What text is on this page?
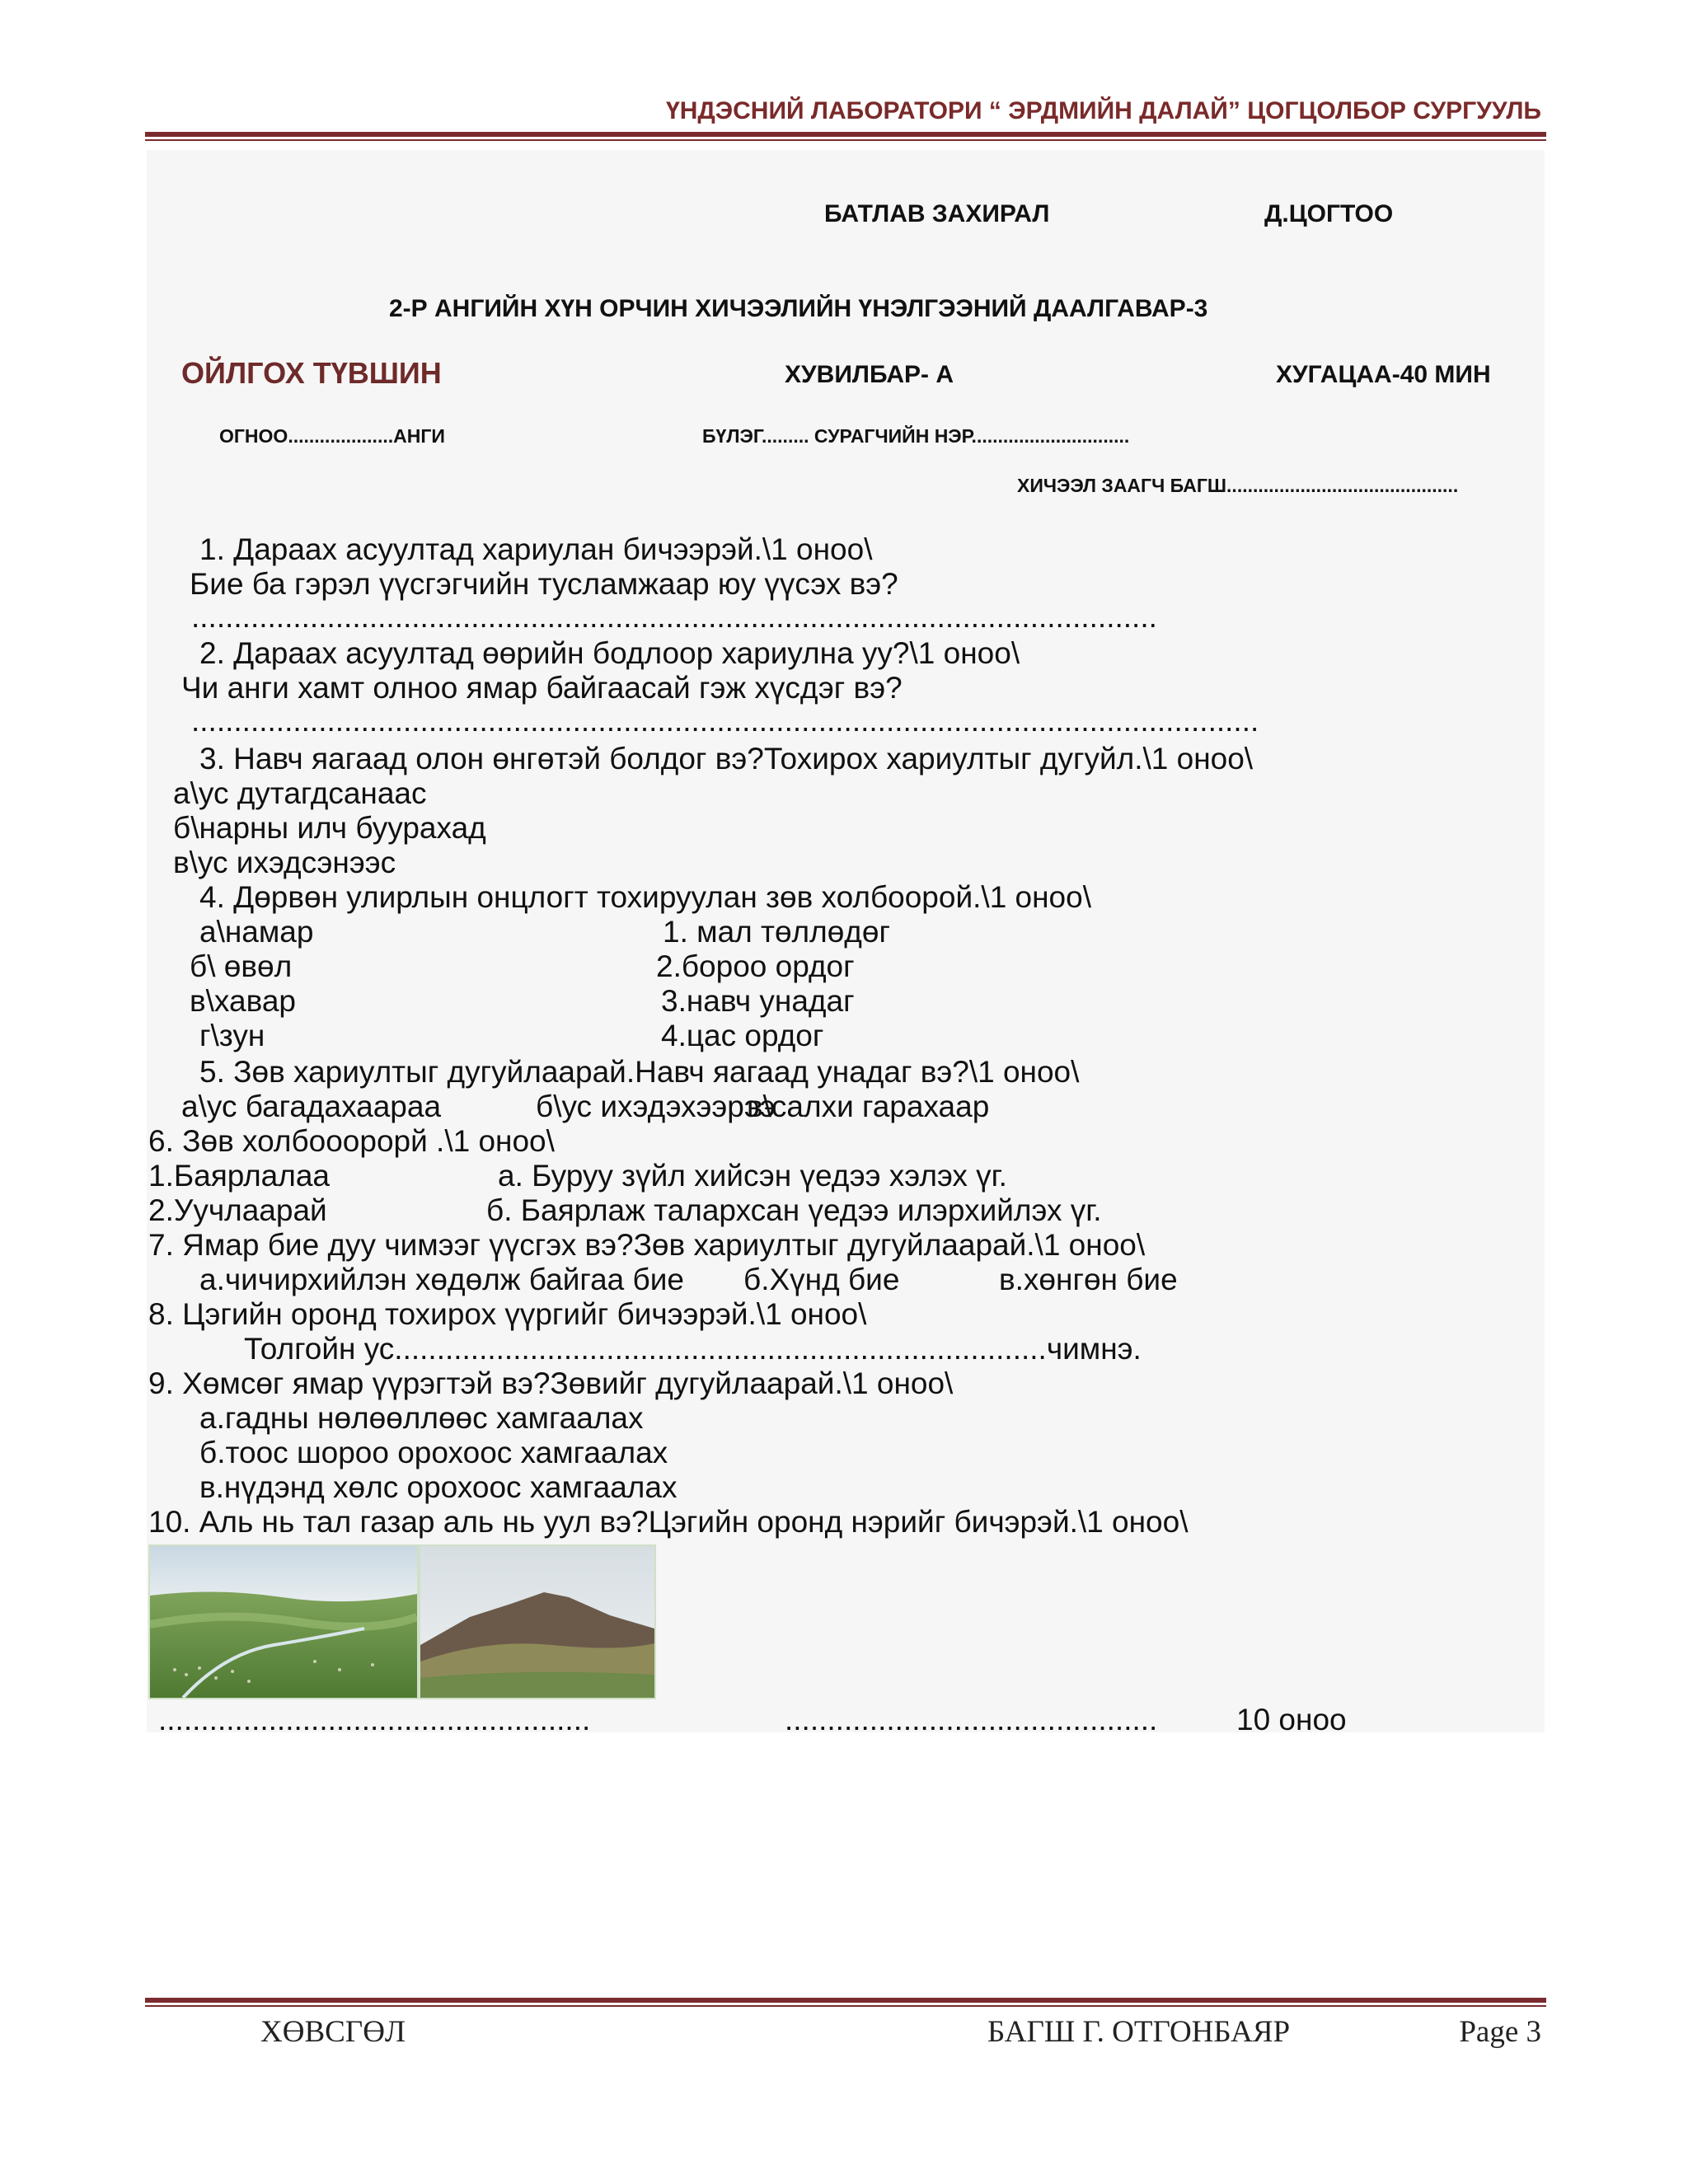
ҮНДЭСНИЙ ЛАБОРАТОРИ “ ЭРДМИЙН ДАЛАЙ” ЦОГЦОЛБОР СУРГУУЛЬ
БАТЛАВ ЗАХИРАЛ	Д.ЦОГТОО
2-Р АНГИЙН ХҮН ОРЧИН ХИЧЭЭЛИЙН ҮНЭЛГЭЭНИЙ ДААЛГАВАР-3
ОЙЛГОХ ТҮВШИН	ХУВИЛБАР- А	ХУГАЦАА-40 МИН
ОГНОО....................АНГИ	БҮЛЭГ......... СУРАГЧИЙН НЭР..............................
ХИЧЭЭЛ ЗААГЧ БАГШ............................................
1. Дараах асуултад хариулан бичээрэй.\1 оноо\
Бие ба гэрэл үүсгэгчийн тусламжаар юу үүсэх вэ?
..................................................................................................................
2. Дараах асуултад өөрийн бодлоор хариулна уу?\1 оноо\
Чи анги хамт олноо ямар байгаасай гэж хүсдэг вэ?
..............................................................................................................................
3. Навч яагаад олон өнгөтэй болдог вэ?Тохирох хариултыг дугуйл.\1 оноо\
а\ус дутагдсанаас
б\нарны илч буурахад
в\ус ихэдсэнээс
4. Дөрвөн улирлын онцлогт тохируулан зөв холбоорой.\1 оноо\
а\намар	1. мал төллөдөг
б\ өвөл	2.бороо ордог
в\хавар	3.навч унадаг
г\зун	4.цас ордог
5. Зөв хариултыг дугуйлаарай.Навч яагаад унадаг вэ?\1 оноо\
а\ус багадахаараа	б\ус ихэдэхээрээ
в\салхи гарахаар
6. Зөв холбооорорй .\1 оноо\
1.Баярлалаа	а. Буруу зүйл хийсэн үедээ хэлэх үг.
2.Уучлаарай	б. Баярлаж талархсан үедээ илэрхийлэх үг.
7. Ямар бие дуу чимээг үүсгэх вэ?Зөв хариултыг дугуйлаарай.\1 оноо\
а.чичирхийлэн хөдөлж байгаа бие б.Хүнд бие	в.хөнгөн бие
8. Цэгийн оронд тохирох үүргийг бичээрэй.\1 оноо\
Толгойн ус.............................................................................чимнэ.
9. Хөмсөг ямар үүрэгтэй вэ?Зөвийг дугуйлаарай.\1 оноо\
а.гадны нөлөөллөөс хамгаалах
б.тоос шороо орохоос хамгаалах
в.нүдэнд хөлс орохоос хамгаалах
10. Аль нь тал газар аль нь уул вэ?Цэгийн оронд нэрийг бичэрэй.\1 оноо\
...................................................	............................................	10 оноо
ХӨВСГӨЛ	БАГШ Г. ОТГОНБАЯР	Page 3
